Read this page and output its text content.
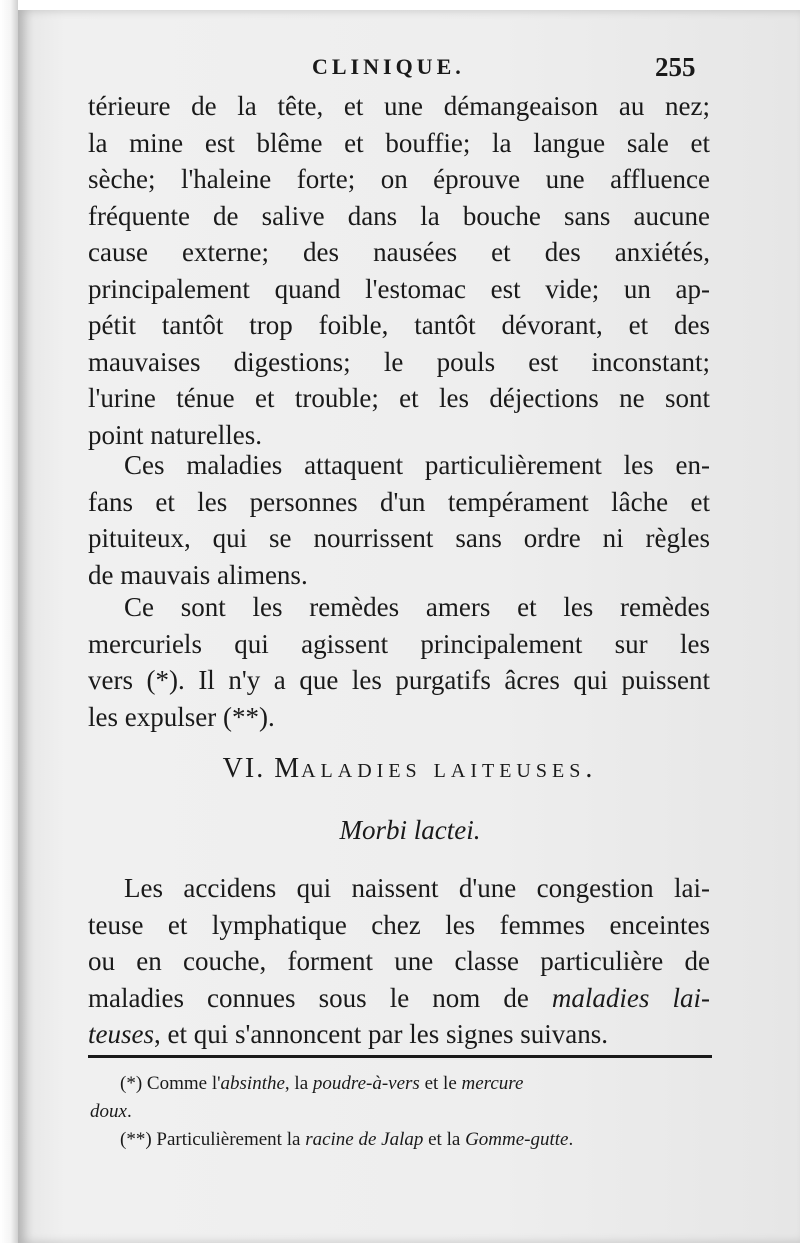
CLINIQUE.	255
térieure de la tête, et une démangeaison au nez;
la mine est blême et bouffie; la langue sale et
sèche; l'haleine forte; on éprouve une affluence
fréquente de salive dans la bouche sans aucune
cause externe; des nausées et des anxiétés,
principalement quand l'estomac est vide; un ap-
pétit tantôt trop foible, tantôt dévorant, et des
mauvaises digestions; le pouls est inconstant;
l'urine ténue et trouble; et les déjections ne sont
point naturelles.
Ces maladies attaquent particulièrement les en-
fans et les personnes d'un tempérament lâche et
pituiteux, qui se nourrissent sans ordre ni règles
de mauvais alimens.
Ce sont les remèdes amers et les remèdes
mercuriels qui agissent principalement sur les
vers (*). Il n'y a que les purgatifs âcres qui puissent
les expulser (**).
VI. Maladies laiteuses.
Morbi lactei.
Les accidens qui naissent d'une congestion lai-
teuse et lymphatique chez les femmes enceintes
ou en couche, forment une classe particulière de
maladies connues sous le nom de maladies lai-
teuses, et qui s'annoncent par les signes suivans.
(*) Comme l'absinthe, la poudre-à-vers et le mercure
doux.
(**) Particulièrement la racine de Jalap et la Gomme-gutte.
